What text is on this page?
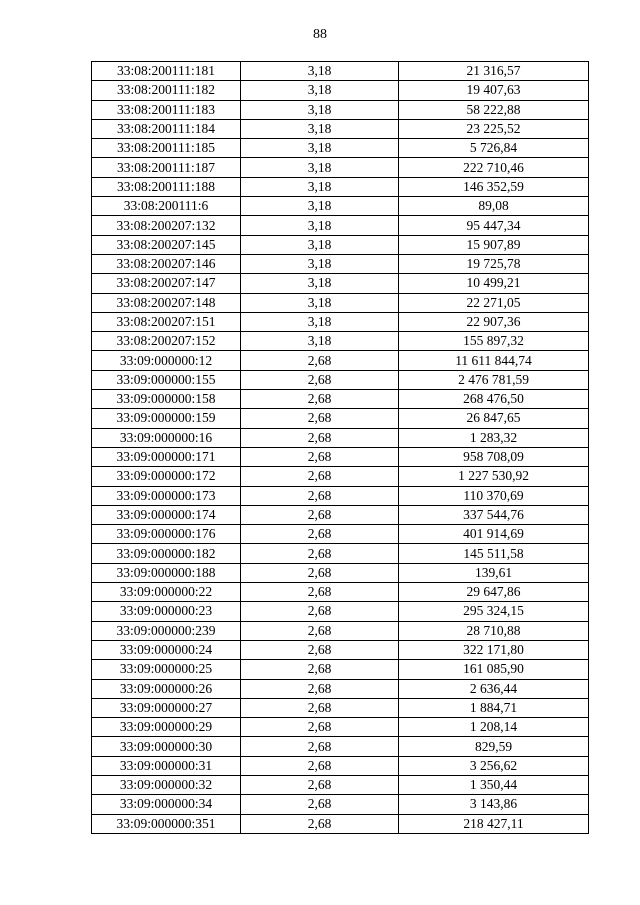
88
33:08:200111:181	3,18	21 316,57
33:08:200111:182	3,18	19 407,63
33:08:200111:183	3,18	58 222,88
33:08:200111:184	3,18	23 225,52
33:08:200111:185	3,18	5 726,84
33:08:200111:187	3,18	222 710,46
33:08:200111:188	3,18	146 352,59
33:08:200111:6	3,18	89,08
33:08:200207:132	3,18	95 447,34
33:08:200207:145	3,18	15 907,89
33:08:200207:146	3,18	19 725,78
33:08:200207:147	3,18	10 499,21
33:08:200207:148	3,18	22 271,05
33:08:200207:151	3,18	22 907,36
33:08:200207:152	3,18	155 897,32
33:09:000000:12	2,68	11 611 844,74
33:09:000000:155	2,68	2 476 781,59
33:09:000000:158	2,68	268 476,50
33:09:000000:159	2,68	26 847,65
33:09:000000:16	2,68	1 283,32
33:09:000000:171	2,68	958 708,09
33:09:000000:172	2,68	1 227 530,92
33:09:000000:173	2,68	110 370,69
33:09:000000:174	2,68	337 544,76
33:09:000000:176	2,68	401 914,69
33:09:000000:182	2,68	145 511,58
33:09:000000:188	2,68	139,61
33:09:000000:22	2,68	29 647,86
33:09:000000:23	2,68	295 324,15
33:09:000000:239	2,68	28 710,88
33:09:000000:24	2,68	322 171,80
33:09:000000:25	2,68	161 085,90
33:09:000000:26	2,68	2 636,44
33:09:000000:27	2,68	1 884,71
33:09:000000:29	2,68	1 208,14
33:09:000000:30	2,68	829,59
33:09:000000:31	2,68	3 256,62
33:09:000000:32	2,68	1 350,44
33:09:000000:34	2,68	3 143,86
33:09:000000:351	2,68	218 427,11
